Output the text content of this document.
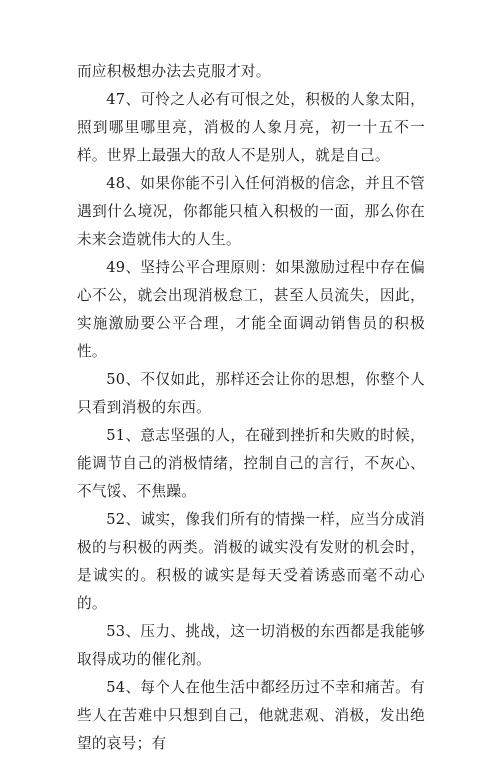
而应积极想办法去克服才对。

47、可怜之人必有可恨之处，积极的人象太阳，照到哪里哪里亮，消极的人象月亮，初一十五不一样。世界上最强大的敌人不是别人，就是自己。

48、如果你能不引入任何消极的信念，并且不管遇到什么境况，你都能只植入积极的一面，那么你在未来会造就伟大的人生。

49、坚持公平合理原则：如果激励过程中存在偏心不公，就会出现消极怠工，甚至人员流失，因此，实施激励要公平合理，才能全面调动销售员的积极性。

50、不仅如此，那样还会让你的思想，你整个人只看到消极的东西。

51、意志坚强的人，在碰到挫折和失败的时候，能调节自己的消极情绪，控制自己的言行，不灰心、不气馁、不焦躁。

52、诚实，像我们所有的情操一样，应当分成消极的与积极的两类。消极的诚实没有发财的机会时，是诚实的。积极的诚实是每天受着诱惑而毫不动心的。

53、压力、挑战，这一切消极的东西都是我能够取得成功的催化剂。

54、每个人在他生活中都经历过不幸和痛苦。有些人在苦难中只想到自己，他就悲观、消极，发出绝望的哀号；有
